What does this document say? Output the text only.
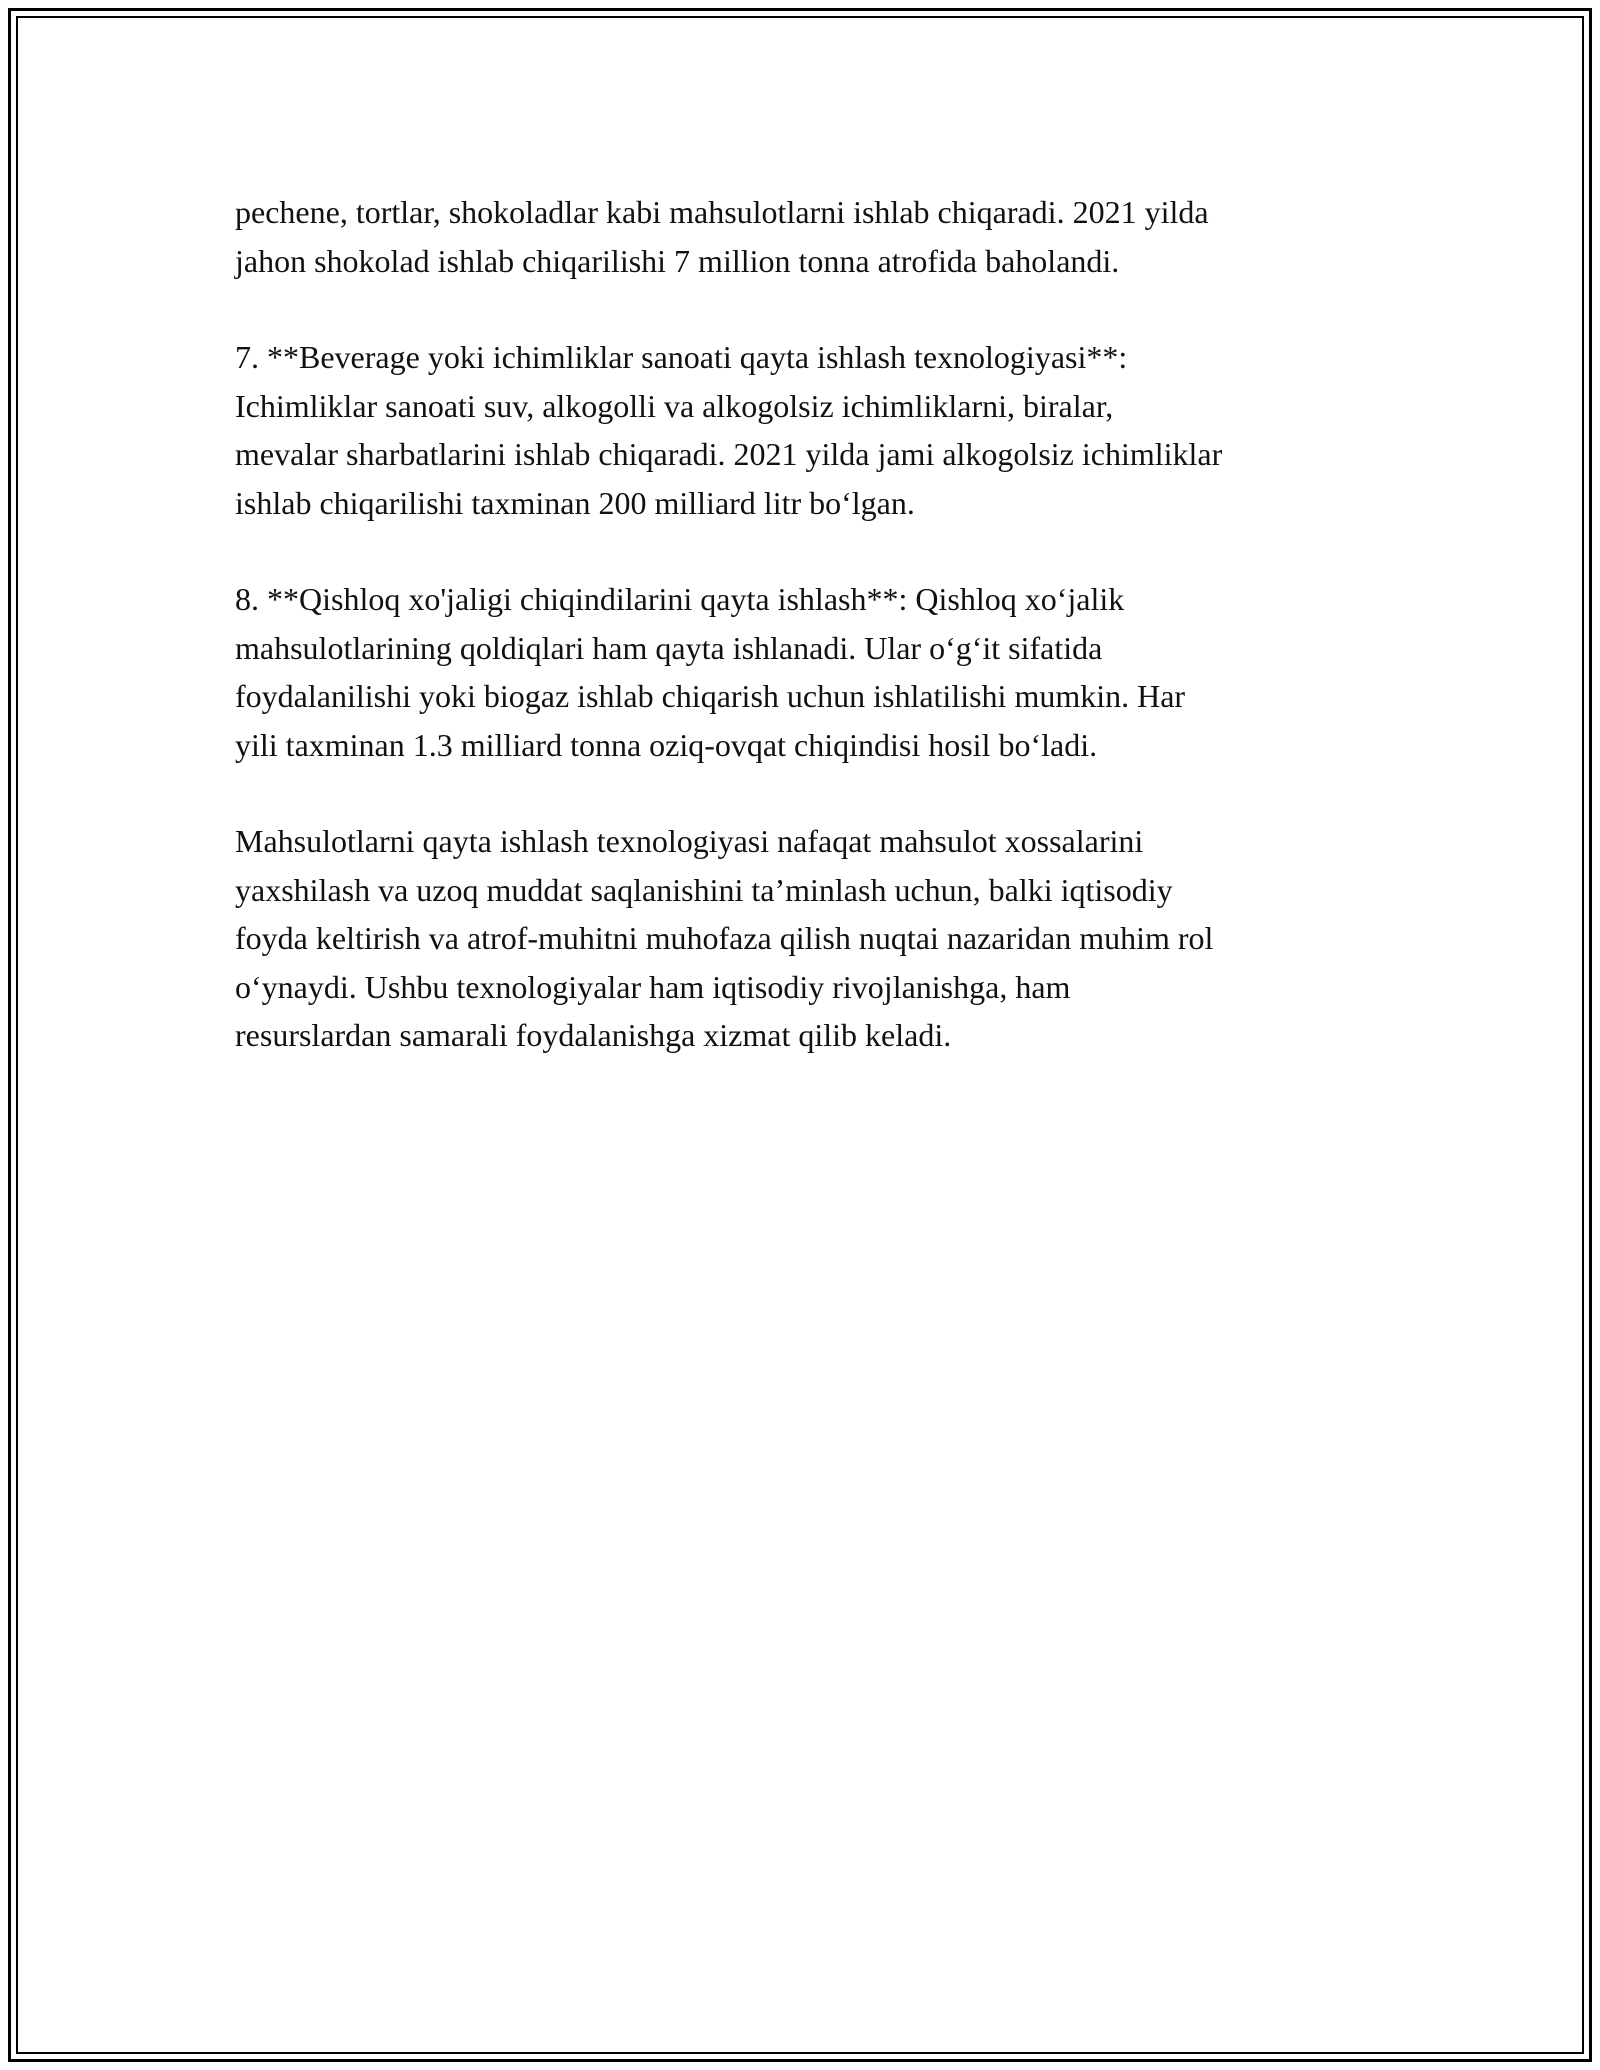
pechene, tortlar, shokoladlar kabi mahsulotlarni ishlab chiqaradi. 2021 yilda
jahon shokolad ishlab chiqarilishi 7 million tonna atrofida baholandi.

7. **Beverage yoki ichimliklar sanoati qayta ishlash texnologiyasi**:
Ichimliklar sanoati suv, alkogolli va alkogolsiz ichimliklarni, biralar,
mevalar sharbatlarini ishlab chiqaradi. 2021 yilda jami alkogolsiz ichimliklar
ishlab chiqarilishi taxminan 200 milliard litr bo‘lgan.

8. **Qishloq xo'jaligi chiqindilarini qayta ishlash**: Qishloq xo‘jalik
mahsulotlarining qoldiqlari ham qayta ishlanadi. Ular o‘g‘it sifatida
foydalanilishi yoki biogaz ishlab chiqarish uchun ishlatilishi mumkin. Har
yili taxminan 1.3 milliard tonna oziq-ovqat chiqindisi hosil bo‘ladi.

Mahsulotlarni qayta ishlash texnologiyasi nafaqat mahsulot xossalarini
yaxshilash va uzoq muddat saqlanishini ta’minlash uchun, balki iqtisodiy
foyda keltirish va atrof-muhitni muhofaza qilish nuqtai nazaridan muhim rol
o‘ynaydi. Ushbu texnologiyalar ham iqtisodiy rivojlanishga, ham
resurslardan samarali foydalanishga xizmat qilib keladi.
